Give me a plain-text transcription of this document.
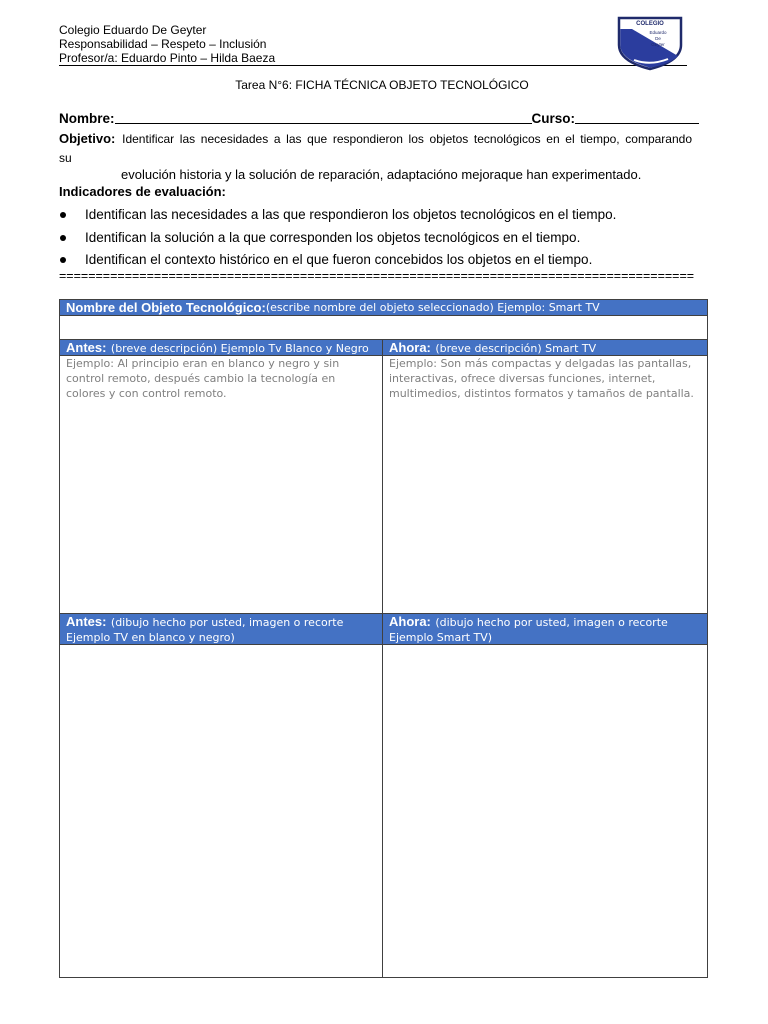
Colegio Eduardo De Geyter
Responsabilidad – Respeto – Inclusión
Profesor/a: Eduardo Pinto – Hilda Baeza
COLEGIO
Eduardo
De
Geyter
Tarea N°6: FICHA TÉCNICA OBJETO TECNOLÓGICO
Nombre:	Curso:
Objetivo: Identificar las necesidades a las que respondieron los objetos tecnológicos en el tiempo, comparando
su
evolución historia y la solución de reparación, adaptacióno mejoraque han experimentado.
Indicadores de evaluación:
Identifican las necesidades a las que respondieron los objetos tecnológicos en el tiempo.
Identifican la solución a la que corresponden los objetos tecnológicos en el tiempo.
Identifican el contexto histórico en el que fueron concebidos los objetos en el tiempo.
=======================================================================================
Nombre del Objeto Tecnológico: (escribe nombre del objeto seleccionado) Ejemplo: Smart TV
Antes: (breve descripción) Ejemplo Tv Blanco y Negro	Ahora: (breve descripción) Smart TV
Ejemplo: Al principio eran en blanco y negro y sin
control remoto, después cambio la tecnología en
colores y con control remoto.
Ejemplo: Son más compactas y delgadas las pantallas,
interactivas, ofrece diversas funciones, internet,
multimedios, distintos formatos y tamaños de pantalla.
Antes: (dibujo hecho por usted, imagen o recorte
Ejemplo TV en blanco y negro)
Ahora: (dibujo hecho por usted, imagen o recorte
Ejemplo Smart TV)
